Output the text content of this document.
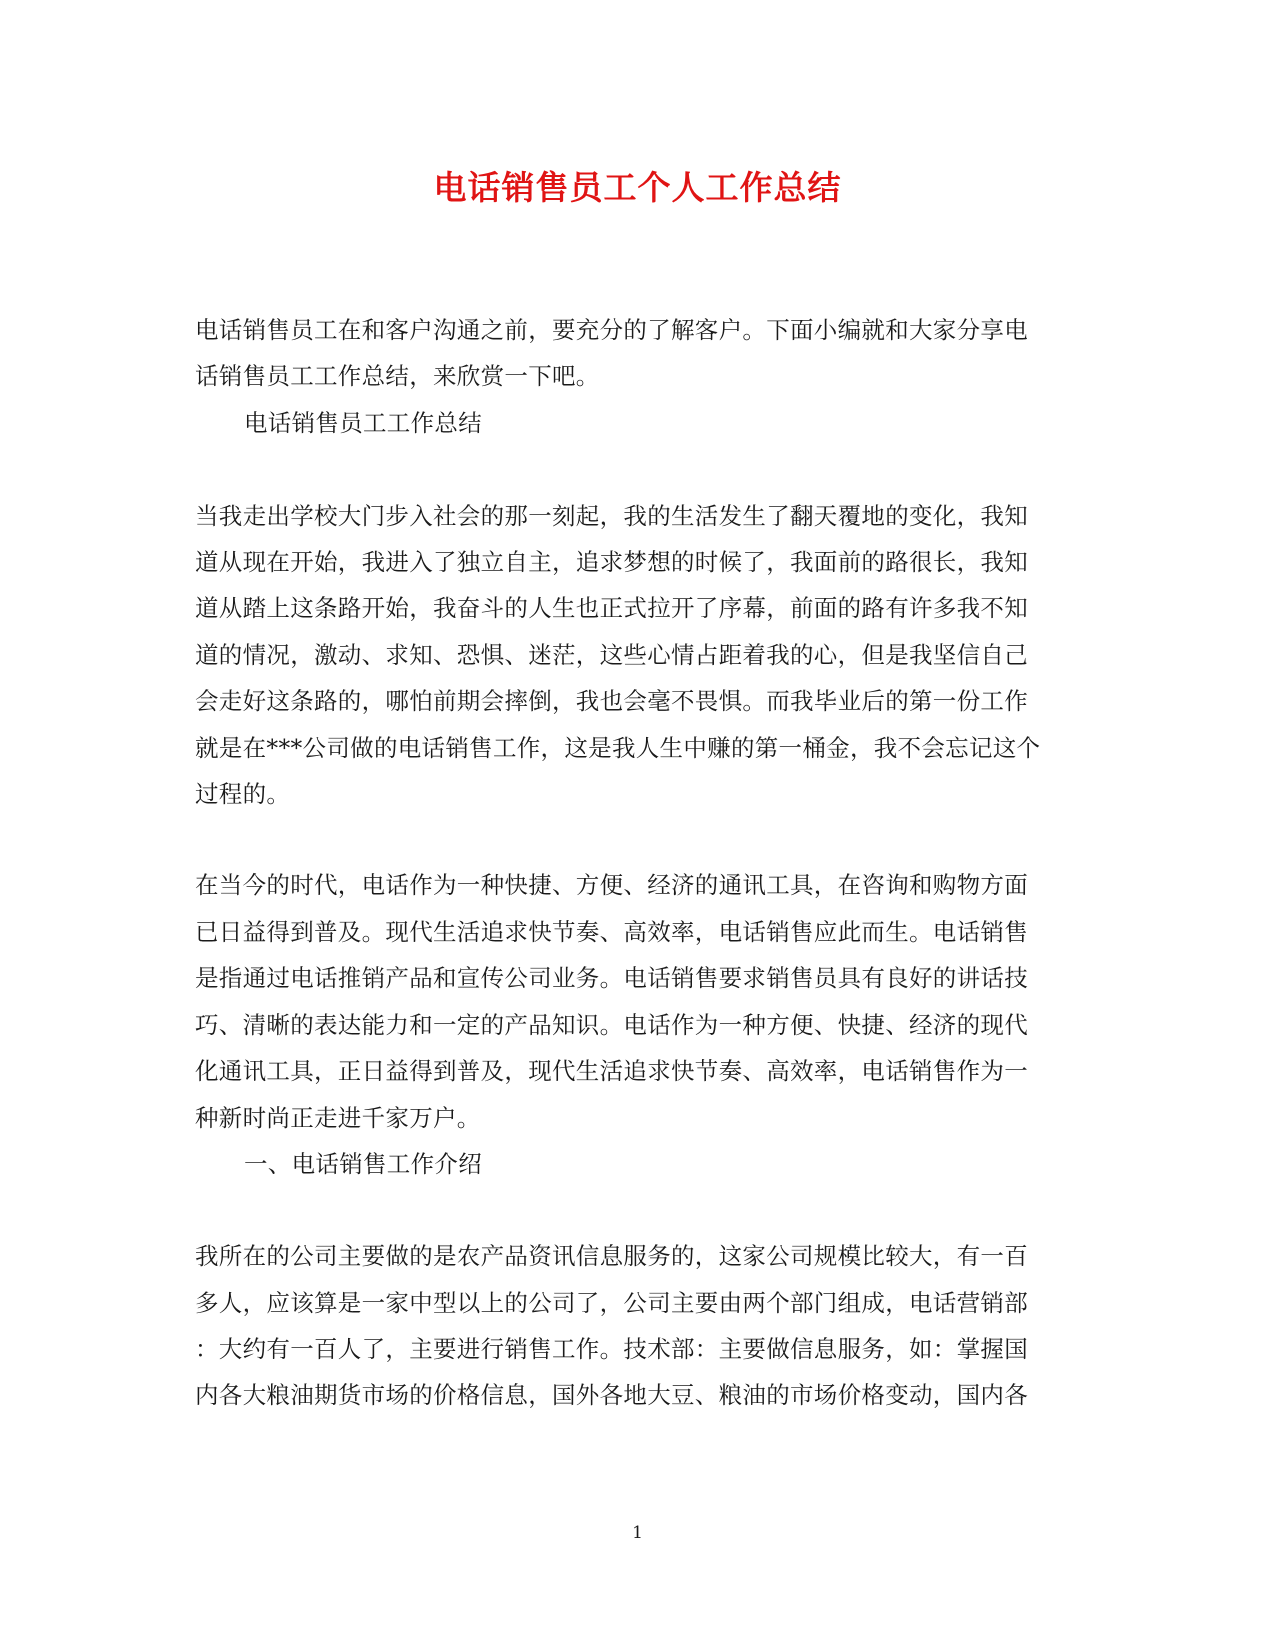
电话销售员工个人工作总结
电话销售员工在和客户沟通之前，要充分的了解客户。下面小编就和大家分享电
话销售员工工作总结，来欣赏一下吧。
电话销售员工工作总结
当我走出学校大门步入社会的那一刻起，我的生活发生了翻天覆地的变化，我知
道从现在开始，我进入了独立自主，追求梦想的时候了，我面前的路很长，我知
道从踏上这条路开始，我奋斗的人生也正式拉开了序幕，前面的路有许多我不知
道的情况，激动、求知、恐惧、迷茫，这些心情占距着我的心，但是我坚信自己
会走好这条路的，哪怕前期会摔倒，我也会毫不畏惧。而我毕业后的第一份工作
就是在***公司做的电话销售工作，这是我人生中赚的第一桶金，我不会忘记这个
过程的。
在当今的时代，电话作为一种快捷、方便、经济的通讯工具，在咨询和购物方面
已日益得到普及。现代生活追求快节奏、高效率，电话销售应此而生。电话销售
是指通过电话推销产品和宣传公司业务。电话销售要求销售员具有良好的讲话技
巧、清晰的表达能力和一定的产品知识。电话作为一种方便、快捷、经济的现代
化通讯工具，正日益得到普及，现代生活追求快节奏、高效率，电话销售作为一
种新时尚正走进千家万户。
一、电话销售工作介绍
我所在的公司主要做的是农产品资讯信息服务的，这家公司规模比较大，有一百
多人，应该算是一家中型以上的公司了，公司主要由两个部门组成，电话营销部
：大约有一百人了，主要进行销售工作。技术部：主要做信息服务，如：掌握国
内各大粮油期货市场的价格信息，国外各地大豆、粮油的市场价格变动，国内各
1
